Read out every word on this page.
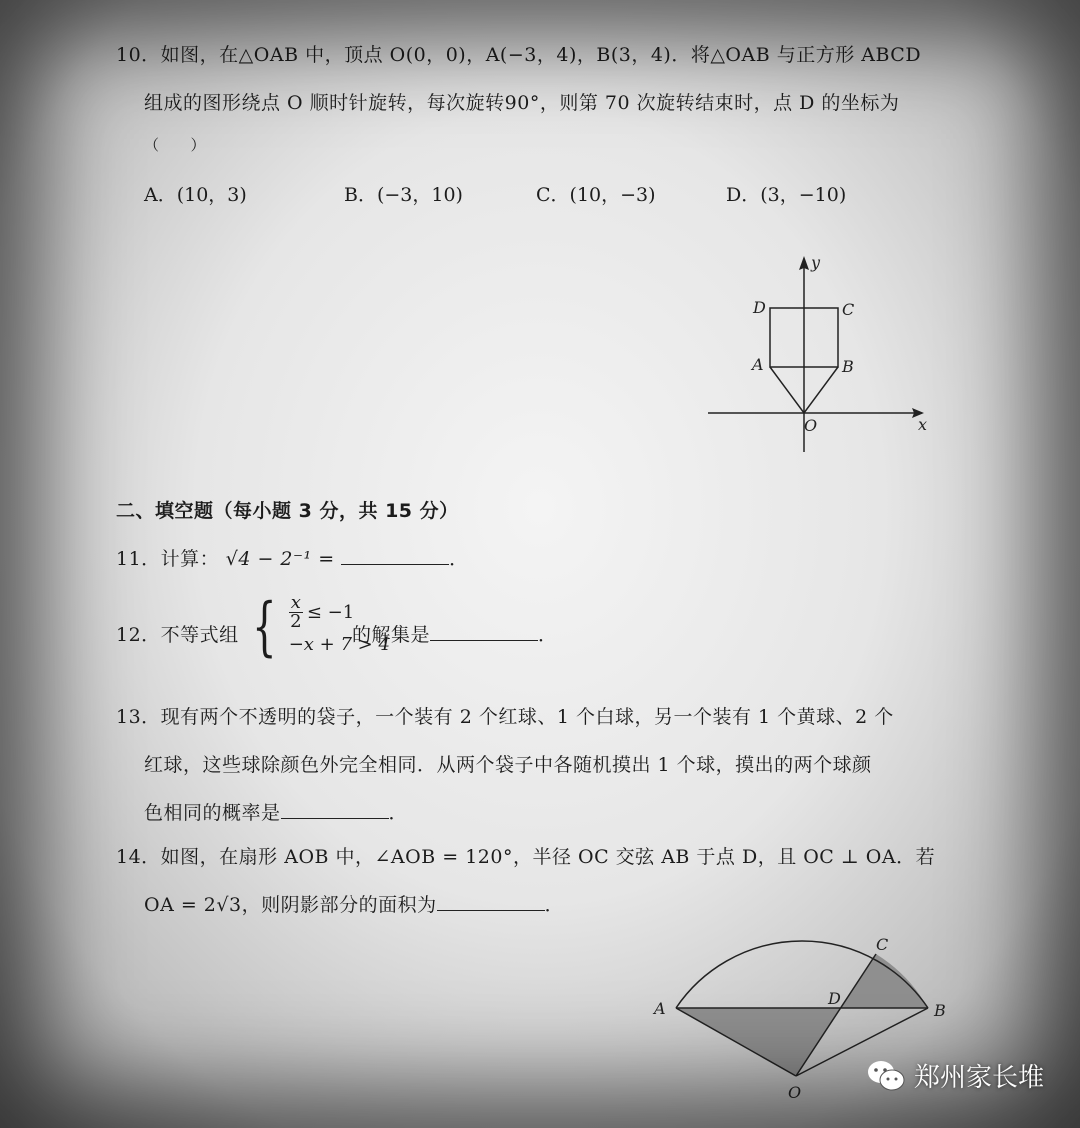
10．如图，在△OAB 中，顶点 O(0，0)，A(−3，4)，B(3，4)．将△OAB 与正方形 ABCD
组成的图形绕点 O 顺时针旋转，每次旋转90°，则第 70 次旋转结束时，点 D 的坐标为
（　　）
A．(10，3)	B．(−3，10)	C．(10，−3)	D．(3，−10)
y
x
O
A	B
C
D
二、填空题（每小题 3 分，共 15 分）
11．计算： √4 − 2⁻¹ =	．
12．不等式组 { $\frac{x}{2} \le -1$
−x + 7 > 4
的解集是	．
13．现有两个不透明的袋子，一个装有 2 个红球、1 个白球，另一个装有 1 个黄球、2 个
红球，这些球除颜色外完全相同．从两个袋子中各随机摸出 1 个球，摸出的两个球颜
色相同的概率是	．
14．如图，在扇形 AOB 中，∠AOB = 120°，半径 OC 交弦 AB 于点 D，且 OC ⊥ OA．若
OA = 2√3，则阴影部分的面积为	．
A	B
C
D
O	郑州家长堆
